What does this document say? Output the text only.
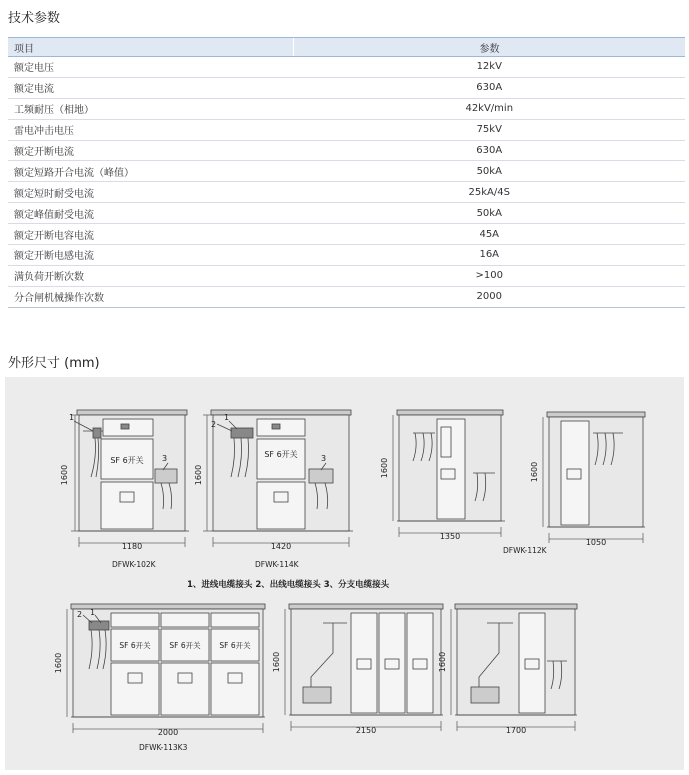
技术参数
项目	参数
额定电压	12kV
额定电流	630A
工频耐压（相地）	42kV/min
雷电冲击电压	75kV
额定开断电流	630A
额定短路开合电流（峰值）	50kA
额定短时耐受电流	25kA/4S
额定峰值耐受电流	50kA
额定开断电容电流	45A
额定开断电感电流	16A
满负荷开断次数	>100
分合闸机械操作次数	2000
外形尺寸 (mm)
SF 6开关
1180
1600
1
3
DFWK-102K
SF 6开关
1420
1600
2
1
3
DFWK-114K
1350
1600
1050
1600
DFWK-112K
1、进线电缆接头 2、出线电缆接头 3、分支电缆接头
SF 6开关	SF 6开关	SF 6开关
2000
1600
2 1
DFWK-113K3
2150
1600
1700
1600
